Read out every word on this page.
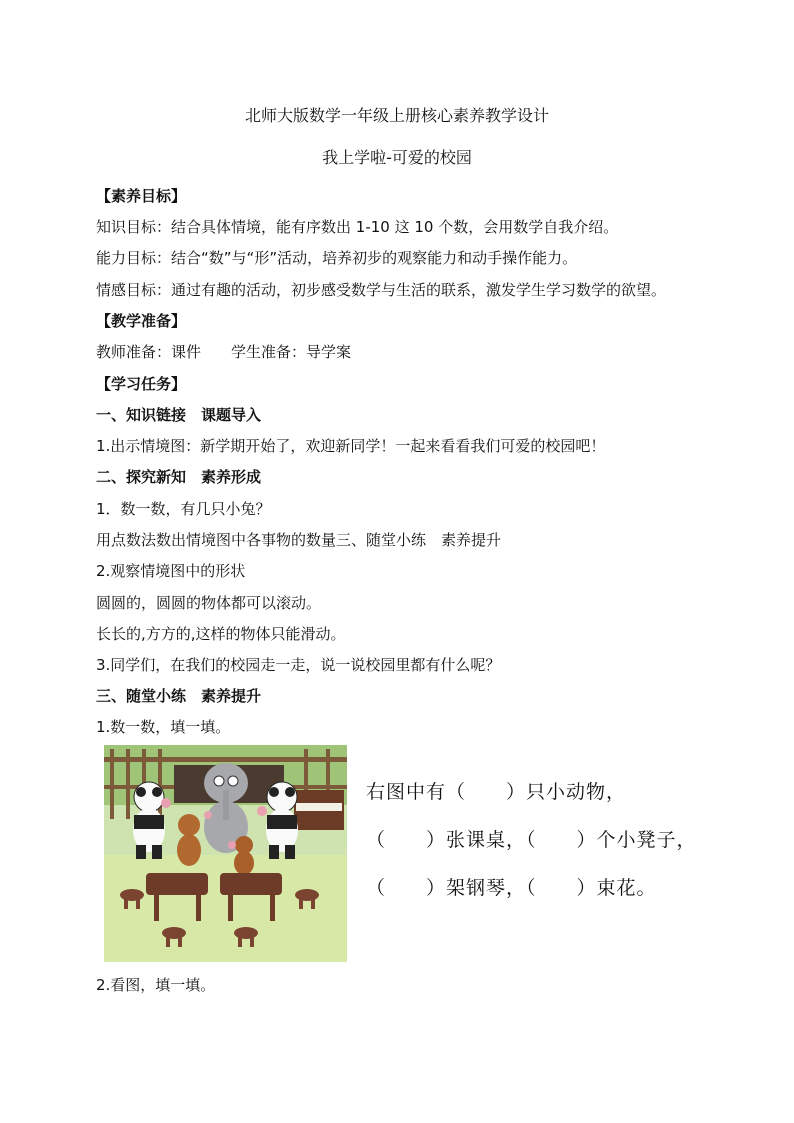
北师大版数学一年级上册核心素养教学设计
我上学啦-可爱的校园
【素养目标】
知识目标：结合具体情境，能有序数出 1-10 这 10 个数，会用数学自我介绍。
能力目标：结合“数”与“形”活动，培养初步的观察能力和动手操作能力。
情感目标：通过有趣的活动，初步感受数学与生活的联系，激发学生学习数学的欲望。
【教学准备】
教师准备：课件　　学生准备：导学案
【学习任务】
一、知识链接　课题导入
1.出示情境图：新学期开始了，欢迎新同学！一起来看看我们可爱的校园吧！
二、探究新知　素养形成
1．数一数，有几只小兔？
用点数法数出情境图中各事物的数量三、随堂小练　素养提升
2.观察情境图中的形状
圆圆的，圆圆的物体都可以滚动。
长长的,方方的,这样的物体只能滑动。
3.同学们，在我们的校园走一走，说一说校园里都有什么呢？
三、随堂小练　素养提升
1.数一数，填一填。
右图中有（　　）只小动物，
（　　）张课桌，（　　）个小凳子，
（　　）架钢琴，（　　）束花。
2.看图，填一填。
